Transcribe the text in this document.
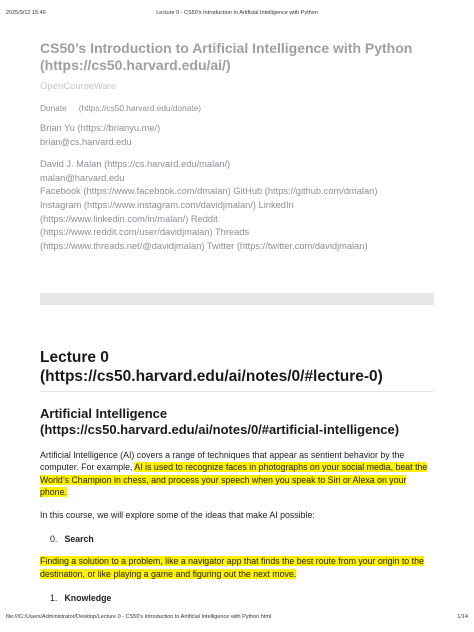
2025/9/12 15:46	Lecture 0 - CS50's Introduction to Artificial Intelligence with Python
CS50’s Introduction to Artificial Intelligence with Python (https://cs50.harvard.edu/ai/)
OpenCourseWare
Donate (https://cs50.harvard.edu/donate)
Brian Yu (https://brianyu.me/)
brian@cs.harvard.edu
David J. Malan (https://cs.harvard.edu/malan/)
malan@harvard.edu
Facebook (https://www.facebook.com/dmalan) GitHub (https://github.com/dmalan)
Instagram (https://www.instagram.com/davidjmalan/) LinkedIn
(https://www.linkedin.com/in/malan/) Reddit
(https://www.reddit.com/user/davidjmalan) Threads
(https://www.threads.net/@davidjmalan) Twitter (https://twitter.com/davidjmalan)
Lecture 0 (https://cs50.harvard.edu/ai/notes/0/#lecture-0)
Artificial Intelligence (https://cs50.harvard.edu/ai/notes/0/#artificial-intelligence)
Artificial Intelligence (AI) covers a range of techniques that appear as sentient behavior by the computer. For example, AI is used to recognize faces in photographs on your social media, beat the World’s Champion in chess, and process your speech when you speak to Siri or Alexa on your phone.
In this course, we will explore some of the ideas that make AI possible:
0. Search
Finding a solution to a problem, like a navigator app that finds the best route from your origin to the destination, or like playing a game and figuring out the next move.
1. Knowledge
file:///C:/Users/Administrator/Desktop/Lecture 0 - CS50's Introduction to Artificial Intelligence with Python.html	1/14
